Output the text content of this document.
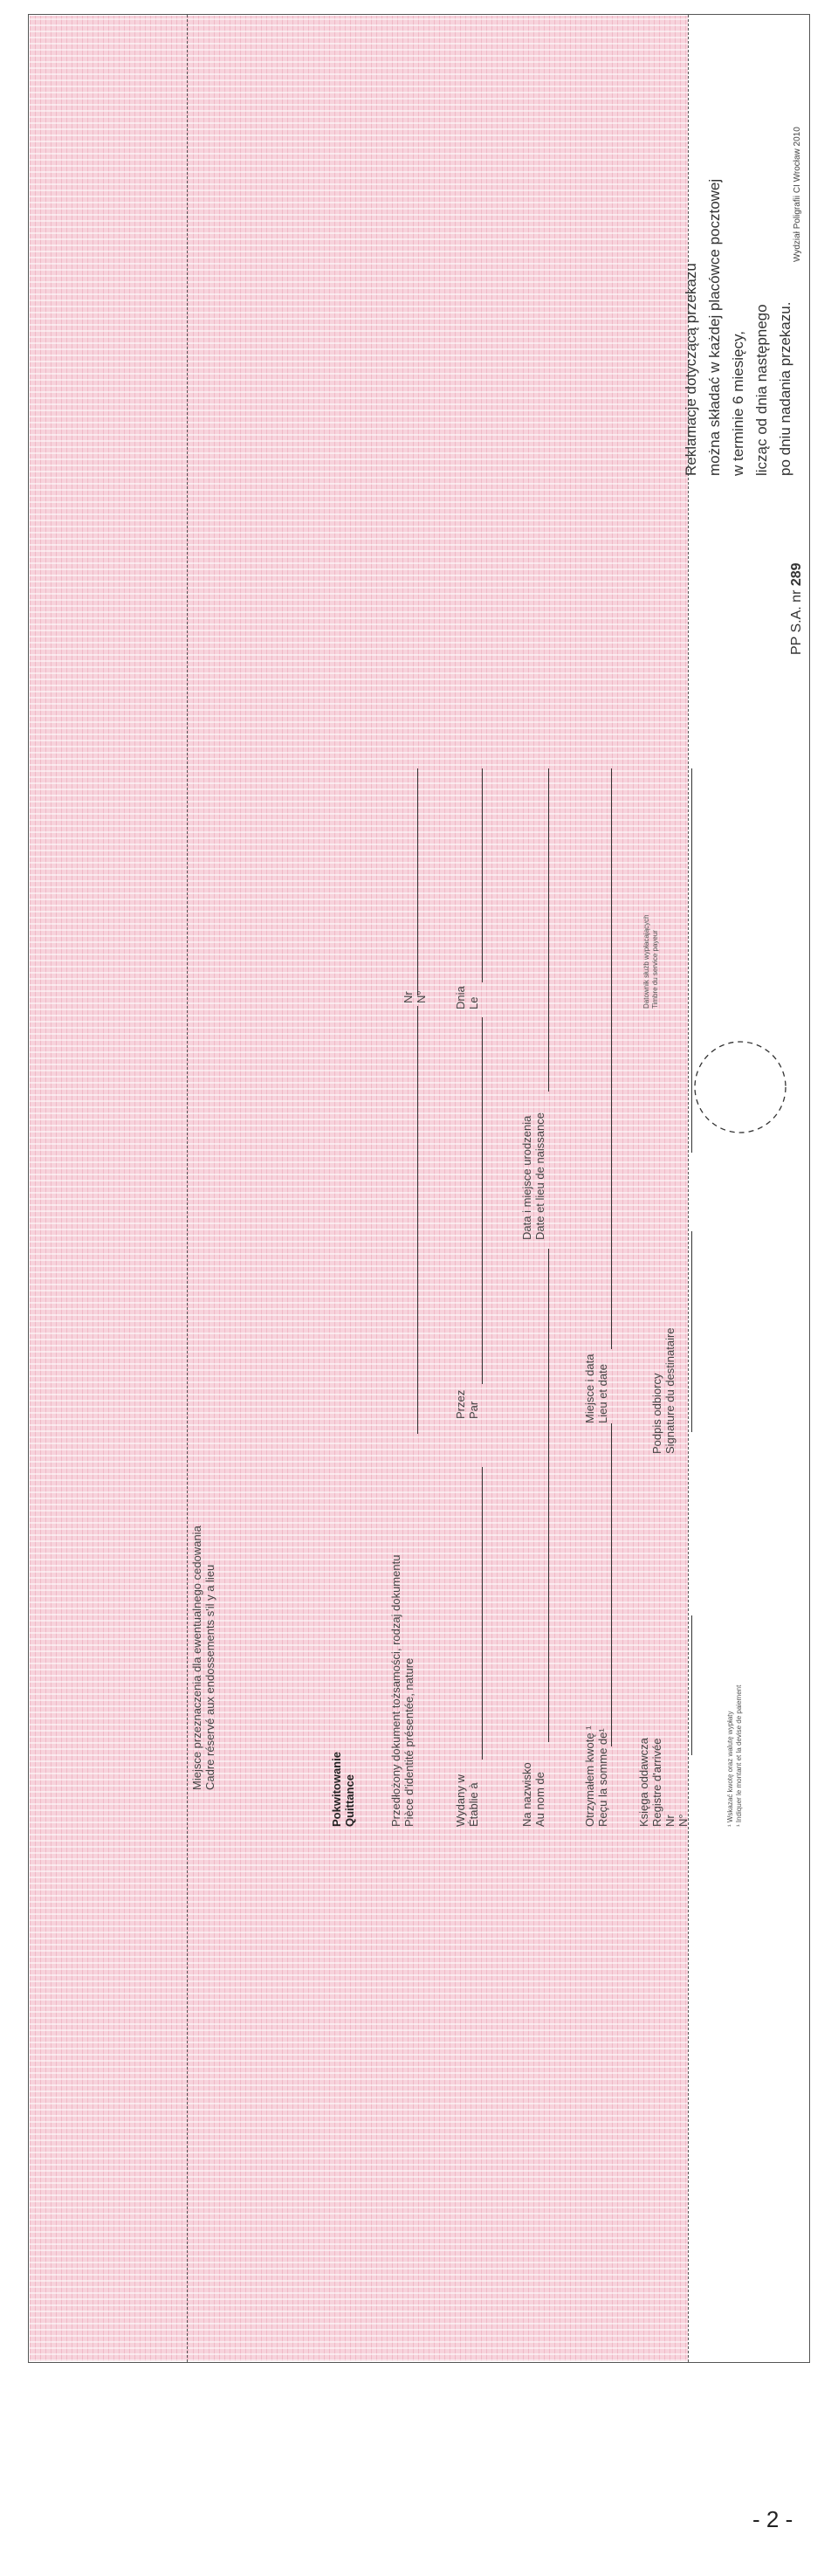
Miejsce przeznaczenia dla ewentualnego cedowania Cadre réservé aux endossements s'il y a lieu	Pokwitowanie Quittance	Przedłożony dokument tożsamości, rodzaj dokumentu Pièce d'identité présentée, nature
Nr N°
Wydany w Établie à
Przez Par
Dnia Le
Na nazwisko Au nom de
Data i miejsce urodzenia Date et lieu de naissance
Otrzymałem kwotę ¹ Reçu la somme de¹
Miejsce i data Lieu et date
Księga oddawcza Registre d'arrivée Nr N°
Podpis odbiorcy Signature du destinataire
Datownik służb wypłacających Timbre du service payeur
¹ Wskazać kwotę oraz walutę wypłaty ¹ Indiquer le montant et la devise de paiement
Reklamacje dotyczącą przekazu można składać w każdej placówce pocztowej w terminie 6 miesięcy, licząc od dnia następnego po dniu nadania przekazu.
PP S.A. nr 289
Wydział Poligrafii CI Wrocław 2010
- 2 -
